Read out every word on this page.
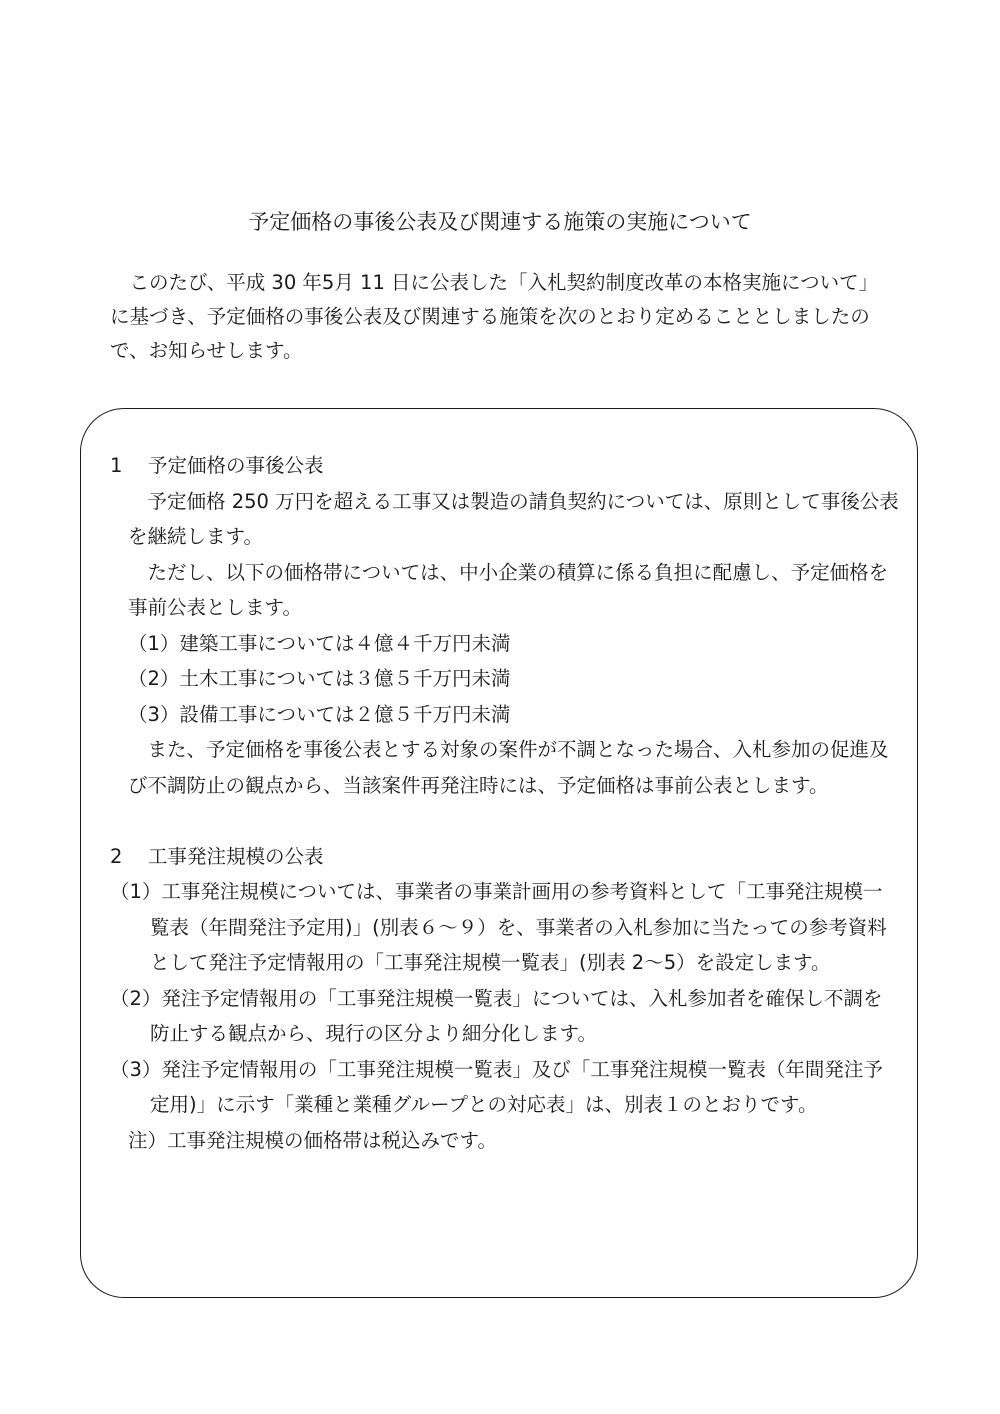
予定価格の事後公表及び関連する施策の実施について

このたび、平成 30 年5月 11 日に公表した「入札契約制度改革の本格実施について」に基づき、予定価格の事後公表及び関連する施策を次のとおり定めることとしましたので、お知らせします。

1 予定価格の事後公表

予定価格 250 万円を超える工事又は製造の請負契約については、原則として事後公表を継続します。

ただし、以下の価格帯については、中小企業の積算に係る負担に配慮し、予定価格を事前公表とします。

（1）建築工事については４億４千万円未満

（2）土木工事については３億５千万円未満

（3）設備工事については２億５千万円未満

また、予定価格を事後公表とする対象の案件が不調となった場合、入札参加の促進及び不調防止の観点から、当該案件再発注時には、予定価格は事前公表とします。

2 工事発注規模の公表

（1）工事発注規模については、事業者の事業計画用の参考資料として「工事発注規模一覧表（年間発注予定用)」(別表６～９）を、事業者の入札参加に当たっての参考資料として発注予定情報用の「工事発注規模一覧表」(別表 2～5）を設定します。

（2）発注予定情報用の「工事発注規模一覧表」については、入札参加者を確保し不調を防止する観点から、現行の区分より細分化します。

（3）発注予定情報用の「工事発注規模一覧表」及び「工事発注規模一覧表（年間発注予定用)」に示す「業種と業種グループとの対応表」は、別表１のとおりです。

注）工事発注規模の価格帯は税込みです。
